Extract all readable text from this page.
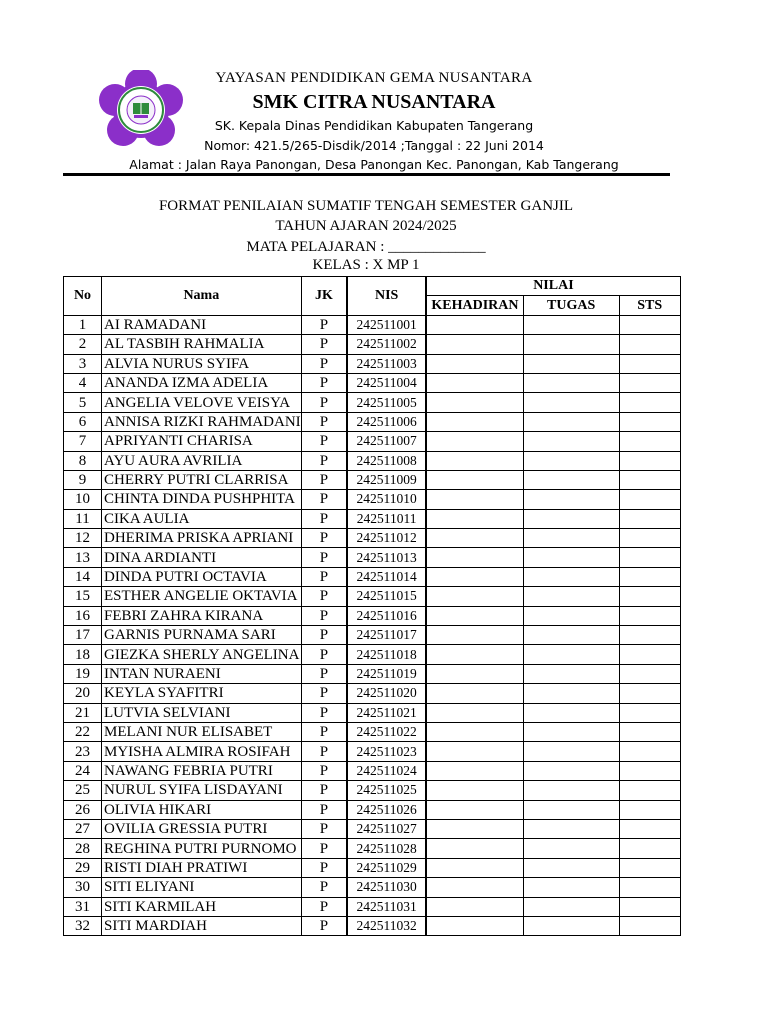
YAYASAN PENDIDIKAN GEMA NUSANTARA
SMK CITRA NUSANTARA
SK. Kepala Dinas Pendidikan Kabupaten Tangerang
Nomor: 421.5/265-Disdik/2014 ;Tanggal : 22 Juni 2014
Alamat : Jalan Raya Panongan, Desa Panongan Kec. Panongan, Kab Tangerang
FORMAT PENILAIAN SUMATIF TENGAH SEMESTER GANJIL
TAHUN AJARAN 2024/2025
MATA PELAJARAN : _____________
KELAS : X MP 1
No	Nama	JK	NIS	NILAI		
				KEHADIRAN	TUGAS	STS
1	AI RAMADANI	P	242511001			
2	AL TASBIH RAHMALIA	P	242511002			
3	ALVIA NURUS SYIFA	P	242511003			
4	ANANDA IZMA ADELIA	P	242511004			
5	ANGELIA VELOVE VEISYA	P	242511005			
6	ANNISA RIZKI RAHMADANI	P	242511006			
7	APRIYANTI CHARISA	P	242511007			
8	AYU AURA AVRILIA	P	242511008			
9	CHERRY PUTRI CLARRISA	P	242511009			
10	CHINTA DINDA PUSHPHITA	P	242511010			
11	CIKA AULIA	P	242511011			
12	DHERIMA PRISKA APRIANI	P	242511012			
13	DINA ARDIANTI	P	242511013			
14	DINDA PUTRI OCTAVIA	P	242511014			
15	ESTHER ANGELIE OKTAVIA	P	242511015			
16	FEBRI ZAHRA KIRANA	P	242511016			
17	GARNIS PURNAMA SARI	P	242511017			
18	GIEZKA SHERLY ANGELINA	P	242511018			
19	INTAN NURAENI	P	242511019			
20	KEYLA SYAFITRI	P	242511020			
21	LUTVIA SELVIANI	P	242511021			
22	MELANI NUR ELISABET	P	242511022			
23	MYISHA ALMIRA ROSIFAH	P	242511023			
24	NAWANG FEBRIA PUTRI	P	242511024			
25	NURUL SYIFA LISDAYANI	P	242511025			
26	OLIVIA HIKARI	P	242511026			
27	OVILIA GRESSIA PUTRI	P	242511027			
28	REGHINA PUTRI PURNOMO	P	242511028			
29	RISTI DIAH PRATIWI	P	242511029			
30	SITI ELIYANI	P	242511030			
31	SITI KARMILAH	P	242511031			
32	SITI MARDIAH	P	242511032			
